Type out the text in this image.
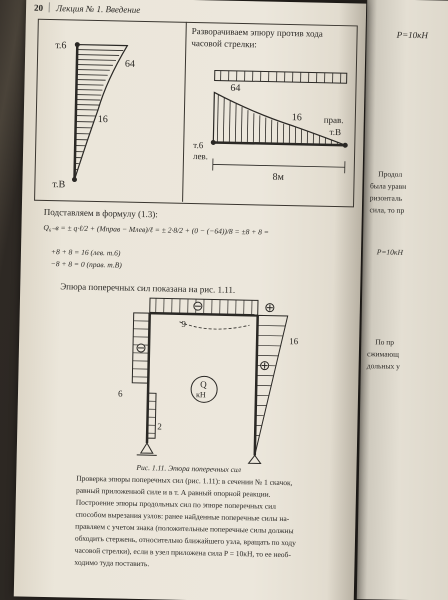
P=10кН
Продол
была уравн
ризонталь
сила, то пр
P=10кН
По пр
сжимающ
дольных у
20 | Лекция № 1. Введение
т.6
т.В
64
16
Разворачиваем эпюру против хода
часовой стрелки:
64
16 прав.
т.В
т.6
лев.
8м
Подставляем в формулу (1.3):
Q₆₋в = ± q·ℓ/2 + (Mправ − Mлев)/ℓ = ± 2·8/2 + (0 − (−64))/8 = ±8 + 8 =
+8 + 8 = 16 (лев. т.6)
−8 + 8 = 0 (прав. т.В)
Эпюра поперечных сил показана на рис. 1.11.
Q
кН
9
16
6
2
Рис. 1.11. Эпюра поперечных сил
Проверка эпюры поперечных сил (рис. 1.11): в сечении № 1 скачок,
равный приложенной силе и в т. А равный опорной реакции.
Построение эпюры продольных сил по эпюре поперечных сил
способом вырезания узлов: ранее найденные поперечные силы на-
правляем с учетом знака (положительные поперечные силы должны
обходить стержень, относительно ближайшего узла, вращать по ходу
часовой стрелки), если в узел приложена сила P = 10кН, то ее необ-
ходимо туда поставить.
